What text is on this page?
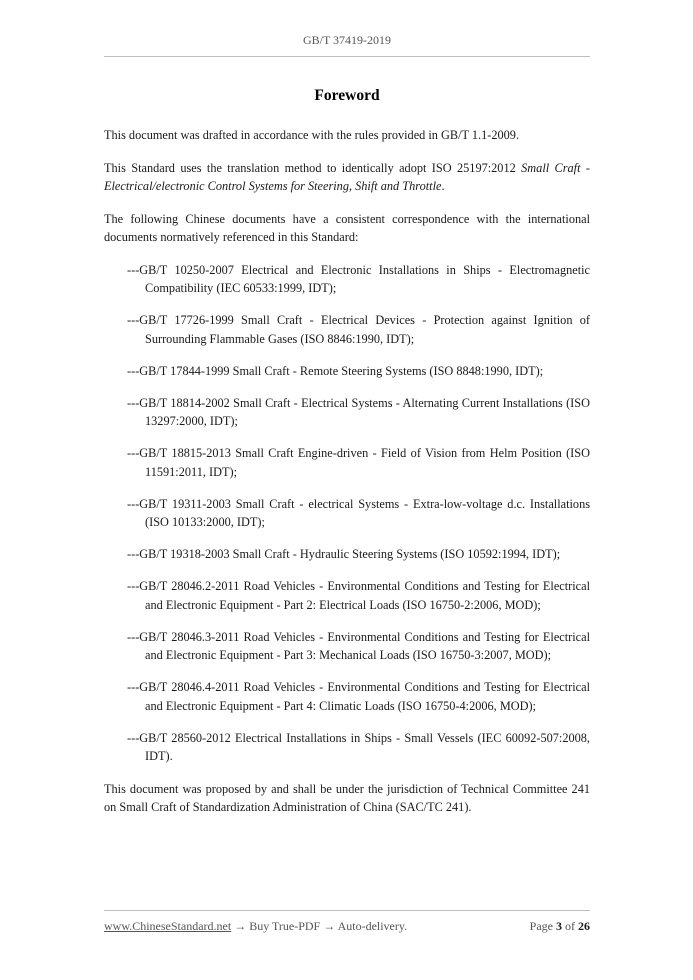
GB/T 37419-2019
Foreword

This document was drafted in accordance with the rules provided in GB/T 1.1-2009.

This Standard uses the translation method to identically adopt ISO 25197:2012 Small Craft - Electrical/electronic Control Systems for Steering, Shift and Throttle.

The following Chinese documents have a consistent correspondence with the international documents normatively referenced in this Standard:

---GB/T 10250-2007 Electrical and Electronic Installations in Ships - Electromagnetic Compatibility (IEC 60533:1999, IDT);
---GB/T 17726-1999 Small Craft - Electrical Devices - Protection against Ignition of Surrounding Flammable Gases (ISO 8846:1990, IDT);
---GB/T 17844-1999 Small Craft - Remote Steering Systems (ISO 8848:1990, IDT);
---GB/T 18814-2002 Small Craft - Electrical Systems - Alternating Current Installations (ISO 13297:2000, IDT);
---GB/T 18815-2013 Small Craft Engine-driven - Field of Vision from Helm Position (ISO 11591:2011, IDT);
---GB/T 19311-2003 Small Craft - electrical Systems - Extra-low-voltage d.c. Installations (ISO 10133:2000, IDT);
---GB/T 19318-2003 Small Craft - Hydraulic Steering Systems (ISO 10592:1994, IDT);
---GB/T 28046.2-2011 Road Vehicles - Environmental Conditions and Testing for Electrical and Electronic Equipment - Part 2: Electrical Loads (ISO 16750-2:2006, MOD);
---GB/T 28046.3-2011 Road Vehicles - Environmental Conditions and Testing for Electrical and Electronic Equipment - Part 3: Mechanical Loads (ISO 16750-3:2007, MOD);
---GB/T 28046.4-2011 Road Vehicles - Environmental Conditions and Testing for Electrical and Electronic Equipment - Part 4: Climatic Loads (ISO 16750-4:2006, MOD);
---GB/T 28560-2012 Electrical Installations in Ships - Small Vessels (IEC 60092-507:2008, IDT).

This document was proposed by and shall be under the jurisdiction of Technical Committee 241 on Small Craft of Standardization Administration of China (SAC/TC 241).

www.ChineseStandard.net → Buy True-PDF → Auto-delivery.	Page 3 of 26
